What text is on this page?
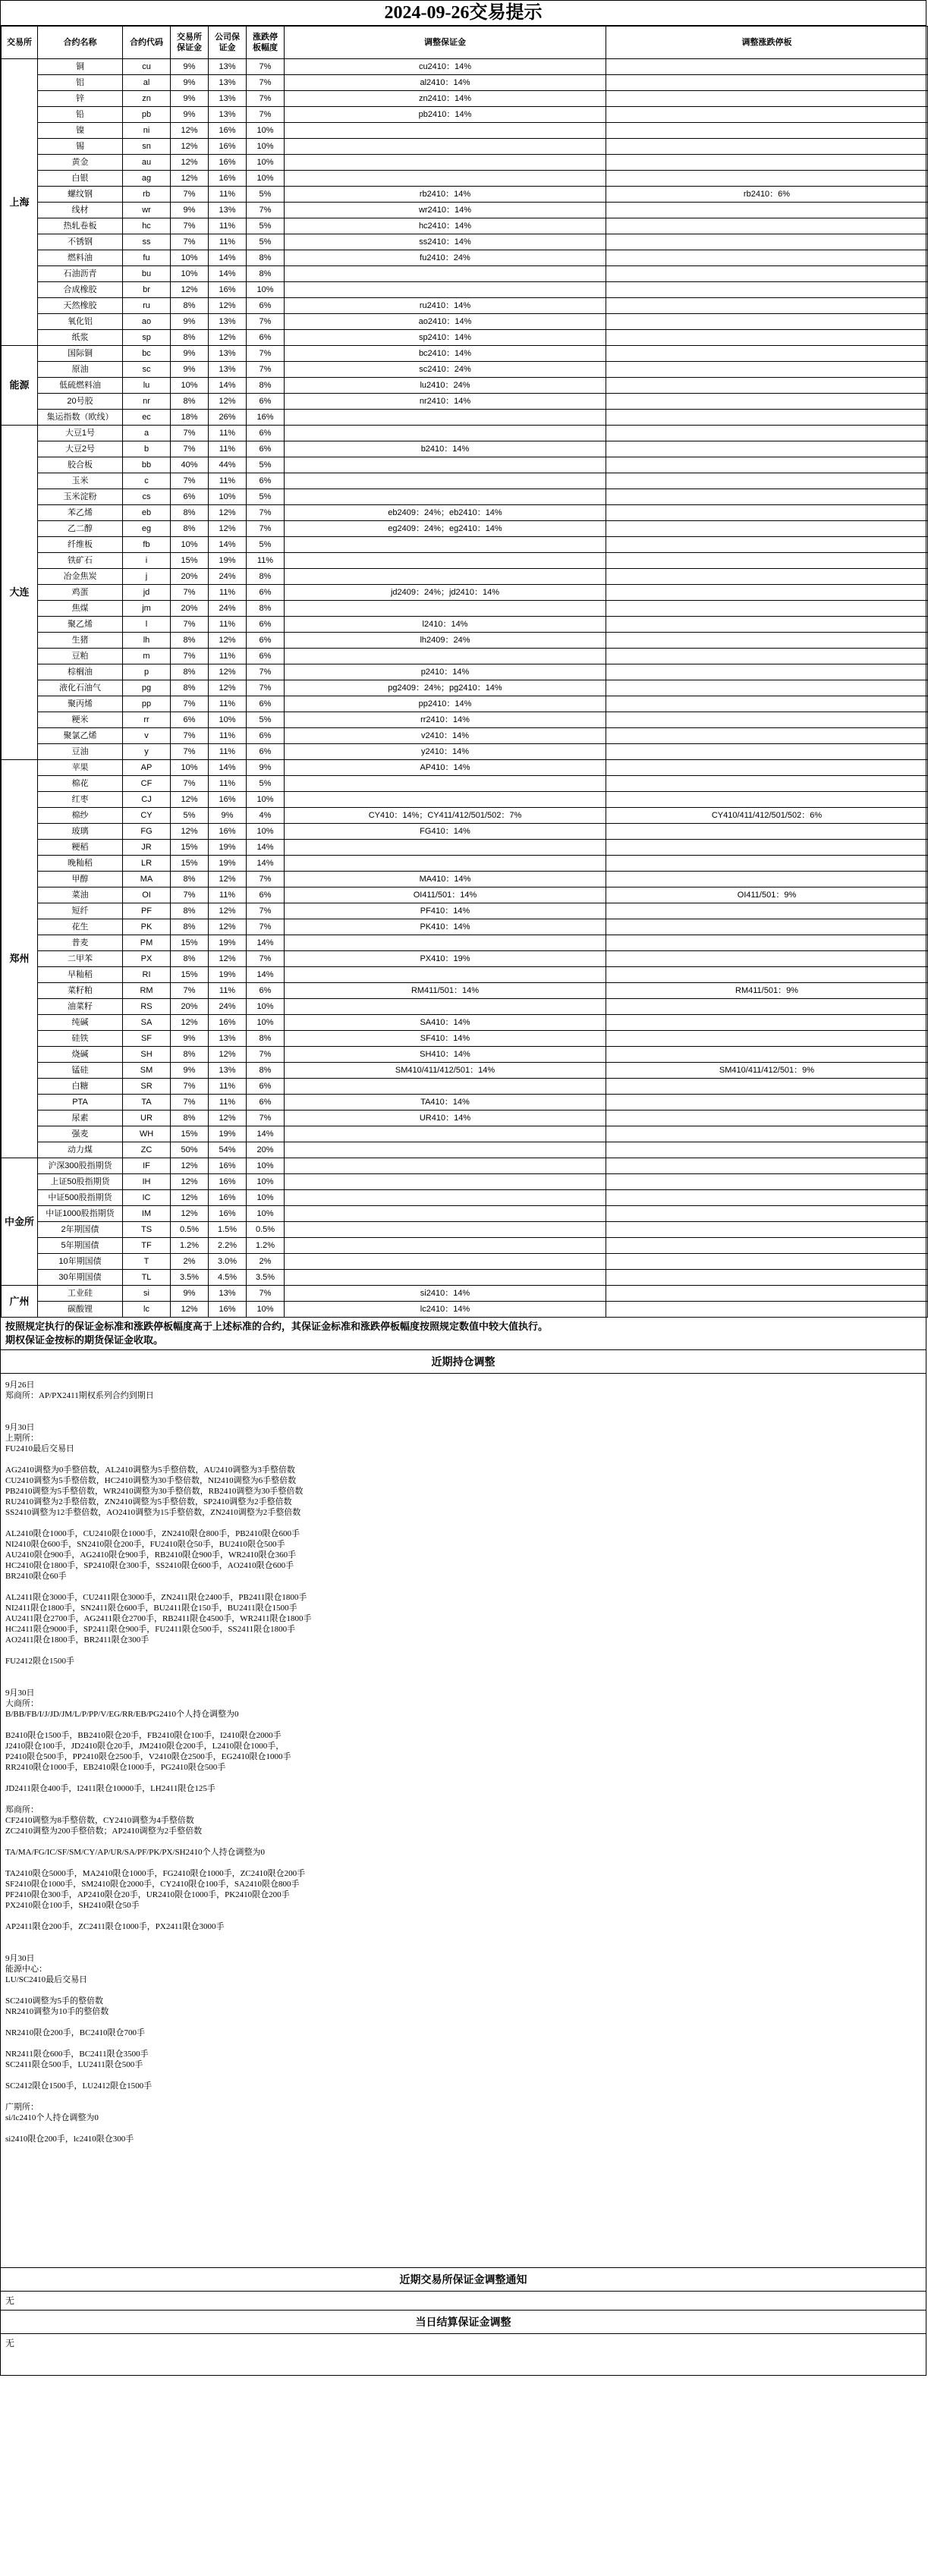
2024-09-26交易提示
交易所	合约名称	合约代码	交易所保证金	公司保证金	涨跌停板幅度	调整保证金	调整涨跌停板
上海	铜	cu	9%	13%	7%	cu2410：14%	
	铝	al	9%	13%	7%	al2410：14%	
	锌	zn	9%	13%	7%	zn2410：14%	
	铅	pb	9%	13%	7%	pb2410：14%	
	镍	ni	12%	16%	10%		
	锡	sn	12%	16%	10%		
	黄金	au	12%	16%	10%		
	白银	ag	12%	16%	10%		
	螺纹钢	rb	7%	11%	5%	rb2410：14%	rb2410：6%
	线材	wr	9%	13%	7%	wr2410：14%	
	热轧卷板	hc	7%	11%	5%	hc2410：14%	
	不锈钢	ss	7%	11%	5%	ss2410：14%	
	燃料油	fu	10%	14%	8%	fu2410：24%	
	石油沥青	bu	10%	14%	8%		
	合成橡胶	br	12%	16%	10%		
	天然橡胶	ru	8%	12%	6%	ru2410：14%	
	氧化铝	ao	9%	13%	7%	ao2410：14%	
	纸浆	sp	8%	12%	6%	sp2410：14%	
能源	国际铜	bc	9%	13%	7%	bc2410：14%	
	原油	sc	9%	13%	7%	sc2410：24%	
	低硫燃料油	lu	10%	14%	8%	lu2410：24%	
	20号胶	nr	8%	12%	6%	nr2410：14%	
	集运指数（欧线）	ec	18%	26%	16%		
大连	大豆1号	a	7%	11%	6%		
	大豆2号	b	7%	11%	6%	b2410：14%	
	胶合板	bb	40%	44%	5%		
	玉米	c	7%	11%	6%		
	玉米淀粉	cs	6%	10%	5%		
	苯乙烯	eb	8%	12%	7%	eb2409：24%；eb2410：14%	
	乙二醇	eg	8%	12%	7%	eg2409：24%；eg2410：14%	
	纤维板	fb	10%	14%	5%		
	铁矿石	i	15%	19%	11%		
	冶金焦炭	j	20%	24%	8%		
	鸡蛋	jd	7%	11%	6%	jd2409：24%；jd2410：14%	
	焦煤	jm	20%	24%	8%		
	聚乙烯	l	7%	11%	6%	l2410：14%	
	生猪	lh	8%	12%	6%	lh2409：24%	
	豆粕	m	7%	11%	6%		
	棕榈油	p	8%	12%	7%	p2410：14%	
	液化石油气	pg	8%	12%	7%	pg2409：24%；pg2410：14%	
	聚丙烯	pp	7%	11%	6%	pp2410：14%	
	粳米	rr	6%	10%	5%	rr2410：14%	
	聚氯乙烯	v	7%	11%	6%	v2410：14%	
	豆油	y	7%	11%	6%	y2410：14%	
郑州	苹果	AP	10%	14%	9%	AP410：14%	
	棉花	CF	7%	11%	5%		
	红枣	CJ	12%	16%	10%		
	棉纱	CY	5%	9%	4%	CY410：14%；CY411/412/501/502：7%	CY410/411/412/501/502：6%
	玻璃	FG	12%	16%	10%	FG410：14%	
	粳稻	JR	15%	19%	14%		
	晚籼稻	LR	15%	19%	14%		
	甲醇	MA	8%	12%	7%	MA410：14%	
	菜油	OI	7%	11%	6%	OI411/501：14%	OI411/501：9%
	短纤	PF	8%	12%	7%	PF410：14%	
	花生	PK	8%	12%	7%	PK410：14%	
	普麦	PM	15%	19%	14%		
	二甲苯	PX	8%	12%	7%	PX410：19%	
	早籼稻	RI	15%	19%	14%		
	菜籽粕	RM	7%	11%	6%	RM411/501：14%	RM411/501：9%
	油菜籽	RS	20%	24%	10%		
	纯碱	SA	12%	16%	10%	SA410：14%	
	硅铁	SF	9%	13%	8%	SF410：14%	
	烧碱	SH	8%	12%	7%	SH410：14%	
	锰硅	SM	9%	13%	8%	SM410/411/412/501：14%	SM410/411/412/501：9%
	白糖	SR	7%	11%	6%		
	PTA	TA	7%	11%	6%	TA410：14%	
	尿素	UR	8%	12%	7%	UR410：14%	
	强麦	WH	15%	19%	14%		
	动力煤	ZC	50%	54%	20%		
中金所	沪深300股指期货	IF	12%	16%	10%		
	上证50股指期货	IH	12%	16%	10%		
	中证500股指期货	IC	12%	16%	10%		
	中证1000股指期货	IM	12%	16%	10%		
	2年期国债	TS	0.5%	1.5%	0.5%		
	5年期国债	TF	1.2%	2.2%	1.2%		
	10年期国债	T	2%	3.0%	2%		
	30年期国债	TL	3.5%	4.5%	3.5%		
广州	工业硅	si	9%	13%	7%	si2410：14%	
	碳酸锂	lc	12%	16%	10%	lc2410：14%	
按照规定执行的保证金标准和涨跌停板幅度高于上述标准的合约，其保证金标准和涨跌停板幅度按照规定数值中较大值执行。
期权保证金按标的期货保证金收取。
近期持仓调整
9月26日
郑商所：AP/PX2411期权系列合约到期日

9月30日
上期所：
FU2410最后交易日

AG2410调整为0手整倍数，AL2410调整为5手整倍数，AU2410调整为3手整倍数
CU2410调整为5手整倍数，HC2410调整为30手整倍数，NI2410调整为6手整倍数
PB2410调整为5手整倍数，WR2410调整为30手整倍数，RB2410调整为30手整倍数
RU2410调整为2手整倍数，ZN2410调整为5手整倍数，SP2410调整为2手整倍数
SS2410调整为12手整倍数，AO2410调整为15手整倍数，ZN2410调整为2手整倍数

AL2410限仓1000手，CU2410限仓1000手，ZN2410限仓800手，PB2410限仓600手
NI2410限仓600手，SN2410限仓200手，FU2410限仓50手，BU2410限仓500手
AU2410限仓900手，AG2410限仓900手，RB2410限仓900手，WR2410限仓360手
HC2410限仓1800手，SP2410限仓300手，SS2410限仓600手，AO2410限仓600手
BR2410限仓60手

AL2411限仓3000手，CU2411限仓3000手，ZN2411限仓2400手，PB2411限仓1800手
NI2411限仓1800手，SN2411限仓600手，BU2411限仓150手，BU2411限仓1500手
AU2411限仓2700手，AG2411限仓2700手，RB2411限仓4500手，WR2411限仓1800手
HC2411限仓9000手，SP2411限仓900手，FU2411限仓500手，SS2411限仓1800手
AO2411限仓1800手，BR2411限仓300手

FU2412限仓1500手

9月30日
大商所：
B/BB/FB/I/J/JD/JM/L/P/PP/V/EG/RR/EB/PG2410个人持仓调整为0

B2410限仓1500手，BB2410限仓20手，FB2410限仓100手，I2410限仓2000手
J2410限仓100手，JD2410限仓20手，JM2410限仓200手，L2410限仓1000手，
P2410限仓500手，PP2410限仓2500手，V2410限仓2500手，EG2410限仓1000手
RR2410限仓1000手，EB2410限仓1000手，PG2410限仓500手

JD2411限仓400手，I2411限仓10000手，LH2411限仓125手

郑商所：
CF2410调整为8手整倍数，CY2410调整为4手整倍数
ZC2410调整为200手整倍数；AP2410调整为2手整倍数

TA/MA/FG/IC/SF/SM/CY/AP/UR/SA/PF/PK/PX/SH2410个人持仓调整为0

TA2410限仓5000手，MA2410限仓1000手，FG2410限仓1000手，ZC2410限仓200手
SF2410限仓1000手，SM2410限仓2000手，CY2410限仓100手，SA2410限仓800手
PF2410限仓300手，AP2410限仓20手，UR2410限仓1000手，PK2410限仓200手
PX2410限仓100手，SH2410限仓50手

AP2411限仓200手，ZC2411限仓1000手，PX2411限仓3000手

9月30日
能源中心：
LU/SC2410最后交易日

SC2410调整为5手的整倍数
NR2410调整为10手的整倍数

NR2410限仓200手，BC2410限仓700手

NR2411限仓600手，BC2411限仓3500手
SC2411限仓500手，LU2411限仓500手

SC2412限仓1500手，LU2412限仓1500手

广期所：
si/lc2410个人持仓调整为0

si2410限仓200手，lc2410限仓300手
近期交易所保证金调整通知
无
当日结算保证金调整
无
